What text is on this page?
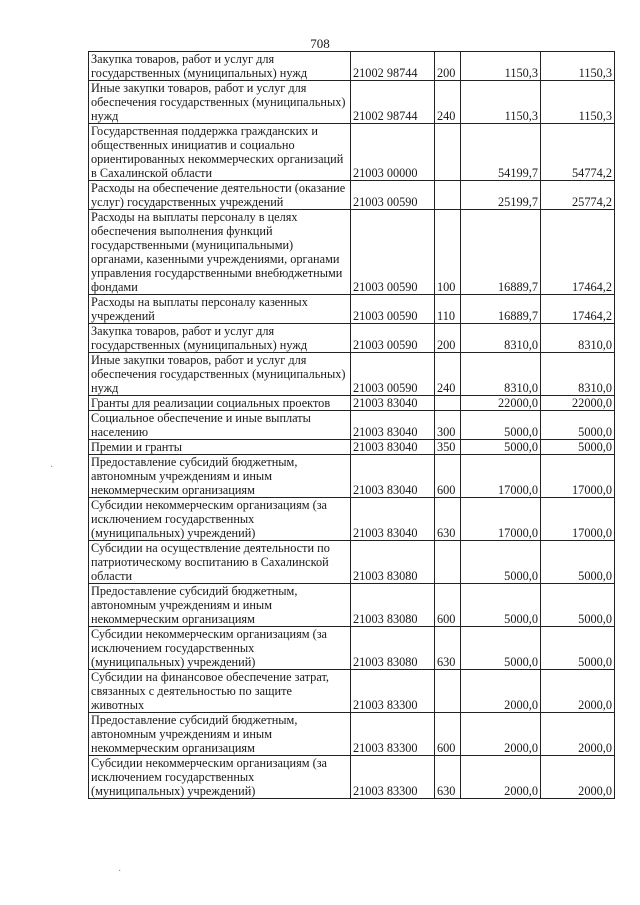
708
Закупка товаров, работ и услуг для государственных (муниципальных) нужд	21002 98744	200	1150,3	1150,3
Иные закупки товаров, работ и услуг для обеспечения государственных (муниципальных) нужд	21002 98744	240	1150,3	1150,3
Государственная поддержка гражданских и общественных инициатив и социально ориентированных некоммерческих организаций в Сахалинской области	21003 00000		54199,7	54774,2
Расходы на обеспечение деятельности (оказание услуг) государственных учреждений	21003 00590		25199,7	25774,2
Расходы на выплаты персоналу в целях обеспечения выполнения функций государственными (муниципальными) органами, казенными учреждениями, органами управления государственными внебюджетными фондами	21003 00590	100	16889,7	17464,2
Расходы на выплаты персоналу казенных учреждений	21003 00590	110	16889,7	17464,2
Закупка товаров, работ и услуг для государственных (муниципальных) нужд	21003 00590	200	8310,0	8310,0
Иные закупки товаров, работ и услуг для обеспечения государственных (муниципальных) нужд	21003 00590	240	8310,0	8310,0
Гранты для реализации социальных проектов	21003 83040		22000,0	22000,0
Социальное обеспечение и иные выплаты населению	21003 83040	300	5000,0	5000,0
Премии и гранты	21003 83040	350	5000,0	5000,0
Предоставление субсидий бюджетным, автономным учреждениям и иным некоммерческим организациям	21003 83040	600	17000,0	17000,0
Субсидии некоммерческим организациям (за исключением государственных (муниципальных) учреждений)	21003 83040	630	17000,0	17000,0
Субсидии на осуществление деятельности по патриотическому воспитанию в Сахалинской области	21003 83080		5000,0	5000,0
Предоставление субсидий бюджетным, автономным учреждениям и иным некоммерческим организациям	21003 83080	600	5000,0	5000,0
Субсидии некоммерческим организациям (за исключением государственных (муниципальных) учреждений)	21003 83080	630	5000,0	5000,0
Субсидии на финансовое обеспечение затрат, связанных с деятельностью по защите животных	21003 83300		2000,0	2000,0
Предоставление субсидий бюджетным, автономным учреждениям и иным некоммерческим организациям	21003 83300	600	2000,0	2000,0
Субсидии некоммерческим организациям (за исключением государственных (муниципальных) учреждений)	21003 83300	630	2000,0	2000,0
·
·
